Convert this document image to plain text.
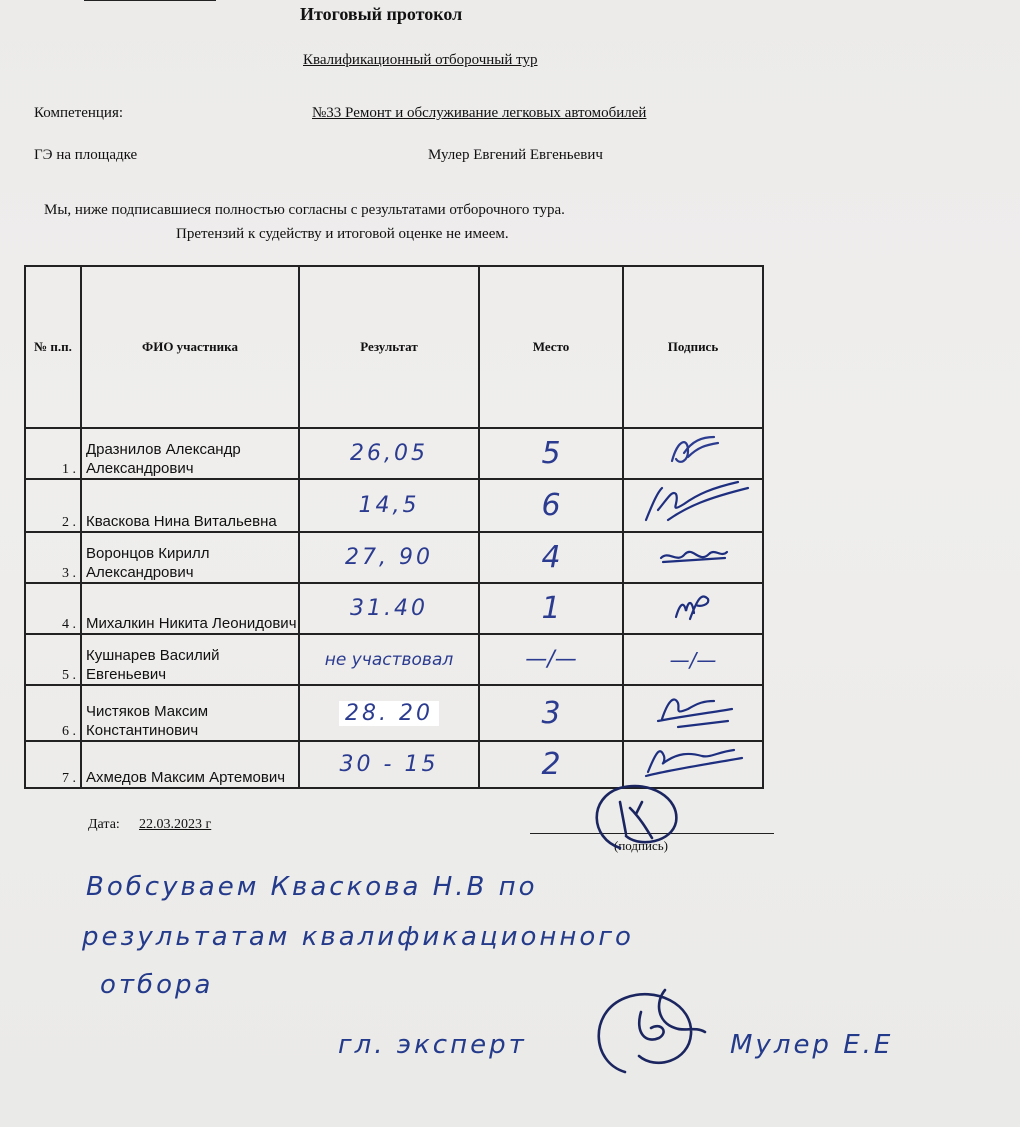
Итоговый протокол
Квалификационный отборочный тур
Компетенция:	№33 Ремонт и обслуживание легковых автомобилей
ГЭ на площадке	Мулер Евгений Евгеньевич
Мы, ниже подписавшиеся полностью согласны с результатами отборочного тура.
Претензий к судейству и итоговой оценке не имеем.
№ п.п.	ФИО участника	Результат	Место	Подпись
1 .	Дразнилов Александр Александрович	26,05	5	
2 .	Кваскова Нина Витальевна	14,5	6	
3 .	Воронцов Кирилл Александрович	27, 90	4	
4 .	Михалкин Никита Леонидович	31.40	1	
5 .	Кушнарев Василий Евгеньевич	не участвовал	—/—	—/—
6 .	Чистяков Максим Константинович	28. 20	3	
7 .	Ахмедов Максим Артемович	30 - 15	2	
Дата: 22.03.2023 г
(подпись)
Вобсуваем Кваскова Н.В по
результатам квалификационного
отбора
гл. эксперт	Мулер Е.Е
